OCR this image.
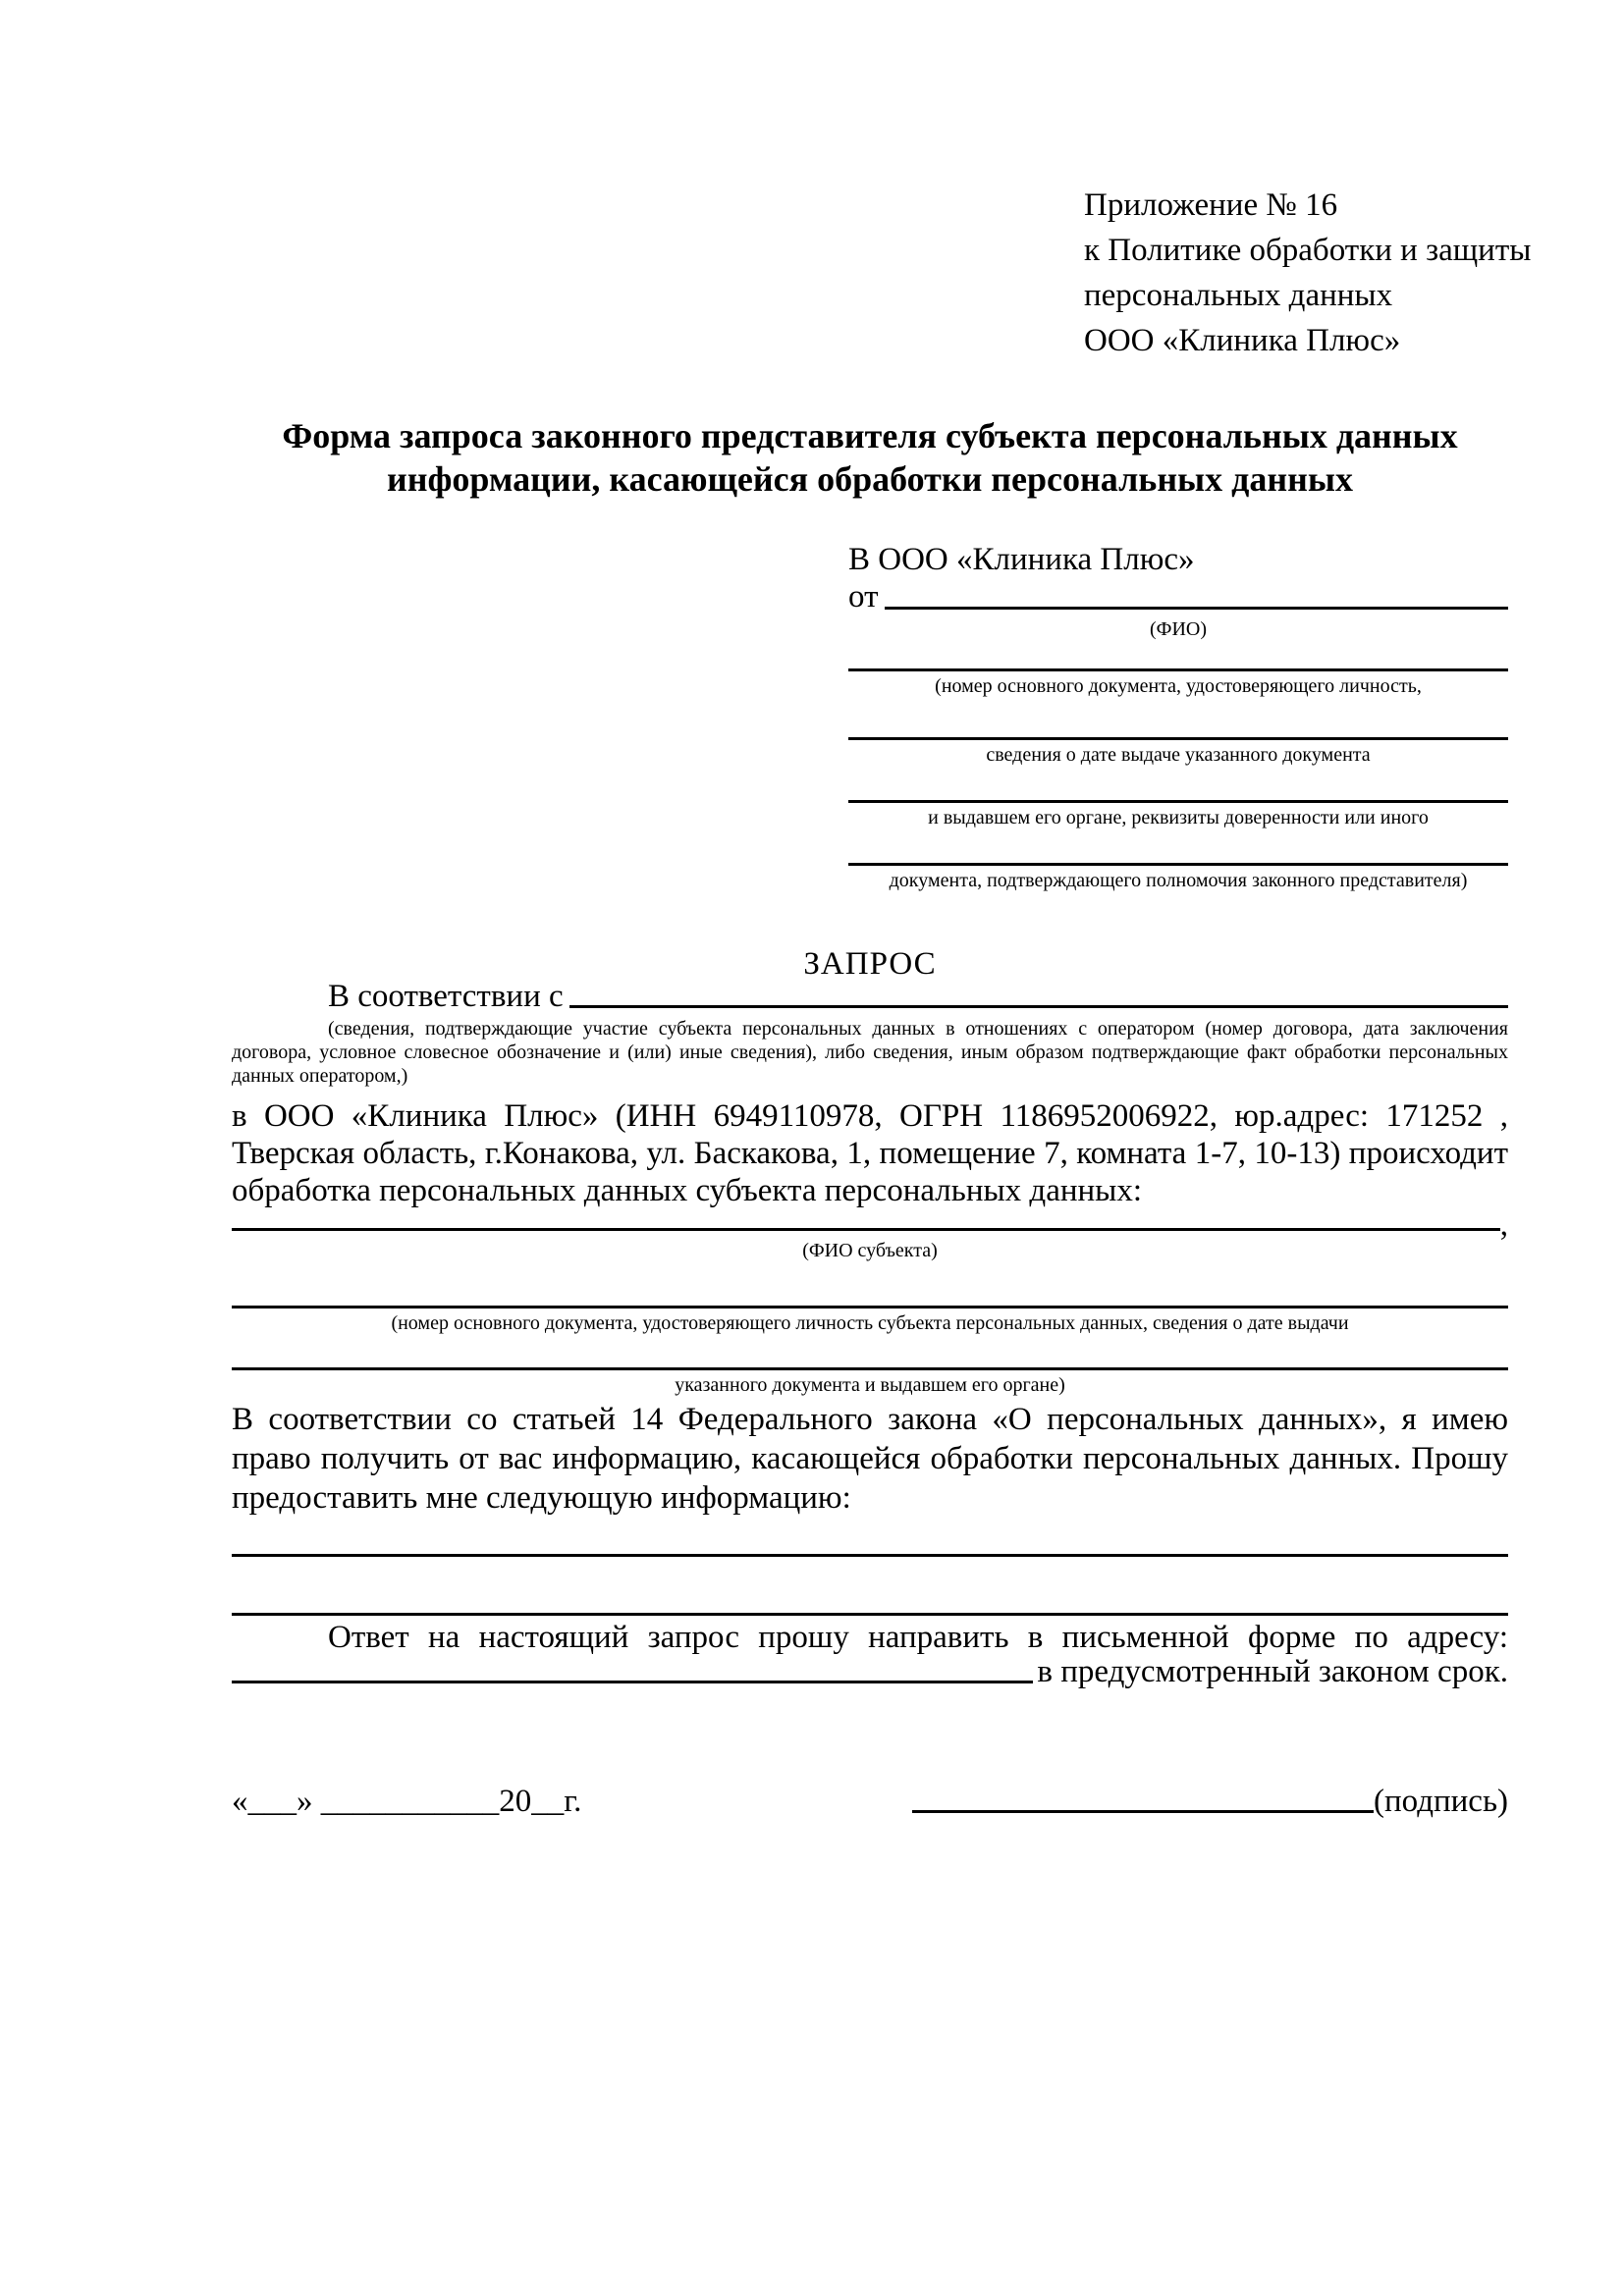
Приложение № 16
к Политике обработки и защиты
персональных данных
ООО «Клиника Плюс»
Форма запроса законного представителя субъекта персональных данных
информации, касающейся обработки персональных данных
В ООО «Клиника Плюс»
от
(ФИО)
(номер основного документа, удостоверяющего личность,
сведения о дате выдаче указанного документа
и выдавшем его органе, реквизиты доверенности или иного
документа, подтверждающего полномочия законного представителя)
ЗАПРОС
В соответствии с
(сведения, подтверждающие участие субъекта персональных данных в отношениях с оператором (номер договора, дата заключения договора, условное словесное обозначение и (или) иные сведения), либо сведения, иным образом подтверждающие факт обработки персональных данных оператором,)

в ООО «Клиника Плюс» (ИНН 6949110978, ОГРН 1186952006922, юр.адрес: 171252 , Тверская область, г.Конакова, ул. Баскакова, 1, помещение 7, комната 1-7, 10-13) происходит обработка персональных данных субъекта персональных данных:

,
(ФИО субъекта)
(номер основного документа, удостоверяющего личность субъекта персональных данных, сведения о дате выдачи
указанного документа и выдавшем его органе)

В соответствии со статьей 14 Федерального закона «О персональных данных», я имею право получить от вас информацию, касающейся обработки персональных данных. Прошу предоставить мне следующую информацию:

Ответ на настоящий запрос прошу направить в письменной форме по адресу:

в предусмотренный законом срок.
«___» ___________20__г.	(подпись)
